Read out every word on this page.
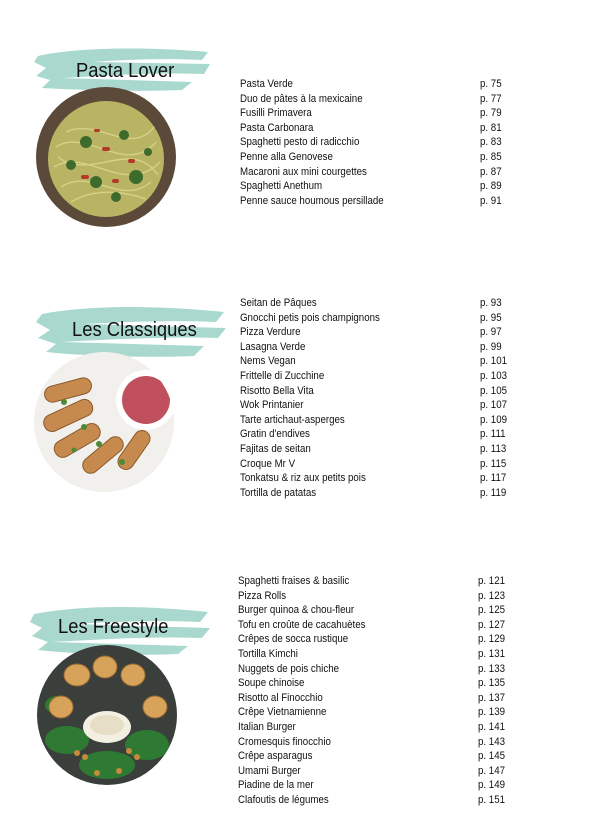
Pasta Lover
Pasta Verde	p. 75
Duo de pâtes à la mexicaine	p. 77
Fusilli Primavera	p. 79
Pasta Carbonara	p. 81
Spaghetti pesto di radicchio	p. 83
Penne alla Genovese	p. 85
Macaroni aux mini courgettes	p. 87
Spaghetti Anethum	p. 89
Penne sauce houmous persillade	p. 91
Les Classiques
Seitan de Pâques	p. 93
Gnocchi petis pois champignons	p. 95
Pizza Verdure	p. 97
Lasagna Verde	p. 99
Nems Vegan	p. 101
Frittelle di Zucchine	p. 103
Risotto Bella Vita	p. 105
Wok Printanier	p. 107
Tarte artichaut-asperges	p. 109
Gratin d'endives	p. 111
Fajitas de seitan	p. 113
Croque Mr V	p. 115
Tonkatsu & riz aux petits pois	p. 117
Tortilla de patatas	p. 119
Les Freestyle
Spaghetti fraises & basilic	p. 121
Pizza Rolls	p. 123
Burger quinoa & chou-fleur	p. 125
Tofu en croûte de cacahuètes	p. 127
Crêpes de socca rustique	p. 129
Tortilla Kimchi	p. 131
Nuggets de pois chiche	p. 133
Soupe chinoise	p. 135
Risotto al Finocchio	p. 137
Crêpe Vietnamienne	p. 139
Italian Burger	p. 141
Cromesquis finocchio	p. 143
Crêpe asparagus	p. 145
Umami Burger	p. 147
Piadine de la mer	p. 149
Clafoutis de légumes	p. 151
